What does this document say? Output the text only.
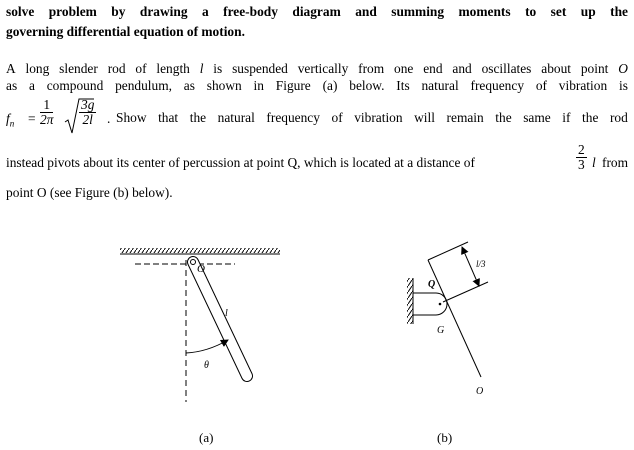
solve problem by drawing a free-body diagram and summing moments to set up the
governing differential equation of motion.
A long slender rod of length l is suspended vertically from one end and oscillates about point O
as a compound pendulum, as shown in Figure (a) below. Its natural frequency of vibration is
$f_n = \frac{1}{2\pi} \frac{3g}{2l}$ . Show that the natural frequency of vibration will remain the same if the rod
instead pivots about its center of percussion at point Q, which is located at a distance of	$\frac{2}{3}$ l from
point O (see Figure (b) below).
O
l
θ
(a)
l/3
Q
G
O
(b)
